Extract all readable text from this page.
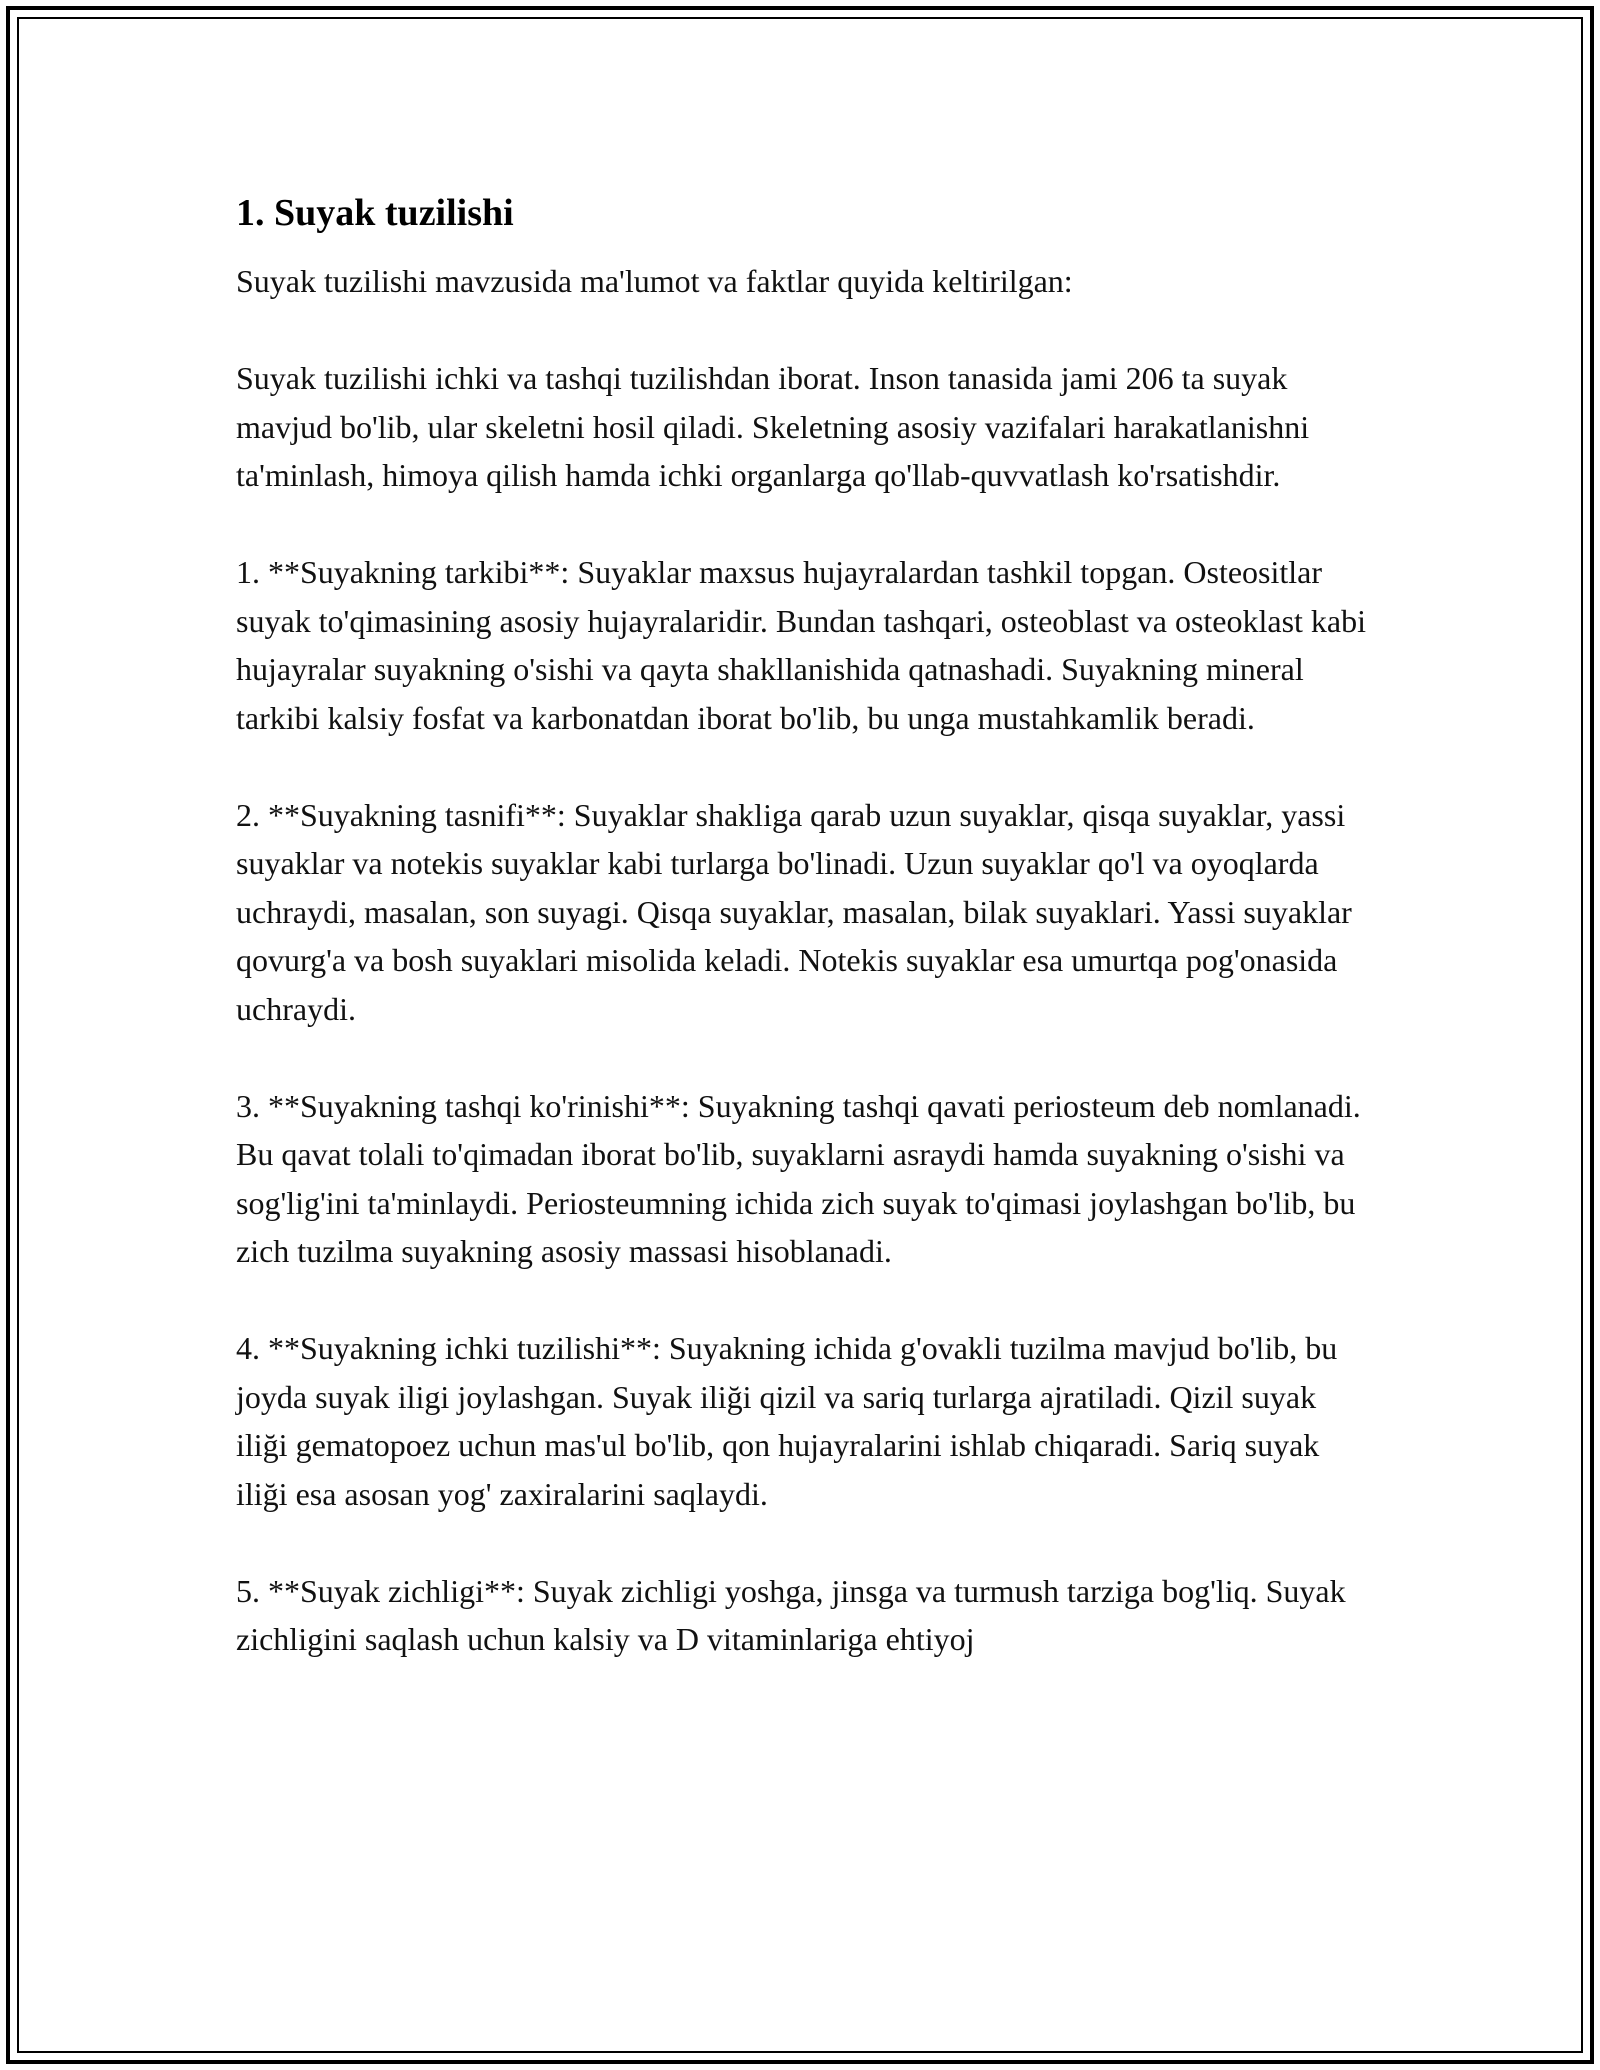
1. Suyak tuzilishi

Suyak tuzilishi mavzusida ma'lumot va faktlar quyida keltirilgan:

Suyak tuzilishi ichki va tashqi tuzilishdan iborat. Inson tanasida jami 206 ta suyak mavjud bo'lib, ular skeletni hosil qiladi. Skeletning asosiy vazifalari harakatlanishni ta'minlash, himoya qilish hamda ichki organlarga qo'llab-quvvatlash ko'rsatishdir.

1. **Suyakning tarkibi**: Suyaklar maxsus hujayralardan tashkil topgan. Osteositlar suyak to'qimasining asosiy hujayralaridir. Bundan tashqari, osteoblast va osteoklast kabi hujayralar suyakning o'sishi va qayta shakllanishida qatnashadi. Suyakning mineral tarkibi kalsiy fosfat va karbonatdan iborat bo'lib, bu unga mustahkamlik beradi.

2. **Suyakning tasnifi**: Suyaklar shakliga qarab uzun suyaklar, qisqa suyaklar, yassi suyaklar va notekis suyaklar kabi turlarga bo'linadi. Uzun suyaklar qo'l va oyoqlarda uchraydi, masalan, son suyagi. Qisqa suyaklar, masalan, bilak suyaklari. Yassi suyaklar qovurg'a va bosh suyaklari misolida keladi. Notekis suyaklar esa umurtqa pog'onasida uchraydi.

3. **Suyakning tashqi ko'rinishi**: Suyakning tashqi qavati periosteum deb nomlanadi. Bu qavat tolali to'qimadan iborat bo'lib, suyaklarni asraydi hamda suyakning o'sishi va sog'lig'ini ta'minlaydi. Periosteumning ichida zich suyak to'qimasi joylashgan bo'lib, bu zich tuzilma suyakning asosiy massasi hisoblanadi.

4. **Suyakning ichki tuzilishi**: Suyakning ichida g'ovakli tuzilma mavjud bo'lib, bu joyda suyak iligi joylashgan. Suyak iliği qizil va sariq turlarga ajratiladi. Qizil suyak iliği gematopoez uchun mas'ul bo'lib, qon hujayralarini ishlab chiqaradi. Sariq suyak iliği esa asosan yog' zaxiralarini saqlaydi.

5. **Suyak zichligi**: Suyak zichligi yoshga, jinsga va turmush tarziga bog'liq. Suyak zichligini saqlash uchun kalsiy va D vitaminlariga ehtiyoj
